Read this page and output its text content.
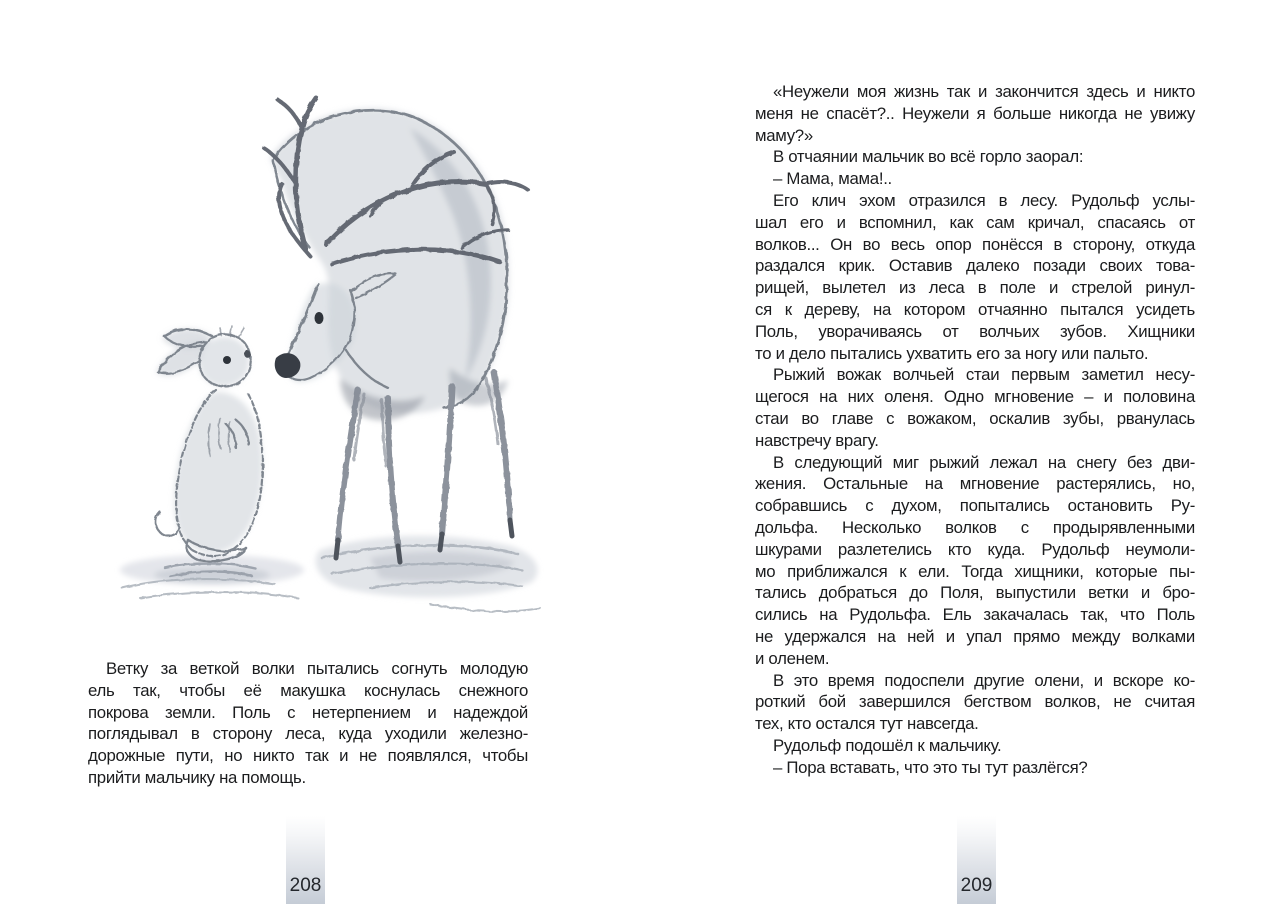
Ветку за веткой волки пытались согнуть молодую
ель так, чтобы её макушка коснулась снежного
покрова земли. Поль с нетерпением и надеждой
поглядывал в сторону леса, куда уходили железно-
дорожные пути, но никто так и не появлялся, чтобы
прийти мальчику на помощь.
208
«Неужели моя жизнь так и закончится здесь и никто
меня не спасёт?.. Неужели я больше никогда не увижу
маму?»
В отчаянии мальчик во всё горло заорал:
– Мама, мама!..
Его клич эхом отразился в лесу. Рудольф услы-
шал его и вспомнил, как сам кричал, спасаясь от
волков... Он во весь опор понёсся в сторону, откуда
раздался крик. Оставив далеко позади своих това-
рищей, вылетел из леса в поле и стрелой ринул-
ся к дереву, на котором отчаянно пытался усидеть
Поль, уворачиваясь от волчьих зубов. Хищники
то и дело пытались ухватить его за ногу или пальто.
Рыжий вожак волчьей стаи первым заметил несу-
щегося на них оленя. Одно мгновение – и половина
стаи во главе с вожаком, оскалив зубы, рванулась
навстречу врагу.
В следующий миг рыжий лежал на снегу без дви-
жения. Остальные на мгновение растерялись, но,
собравшись с духом, попытались остановить Ру-
дольфа. Несколько волков с продырявленными
шкурами разлетелись кто куда. Рудольф неумоли-
мо приближался к ели. Тогда хищники, которые пы-
тались добраться до Поля, выпустили ветки и бро-
сились на Рудольфа. Ель закачалась так, что Поль
не удержался на ней и упал прямо между волками
и оленем.
В это время подоспели другие олени, и вскоре ко-
роткий бой завершился бегством волков, не считая
тех, кто остался тут навсегда.
Рудольф подошёл к мальчику.
– Пора вставать, что это ты тут разлёгся?
209
